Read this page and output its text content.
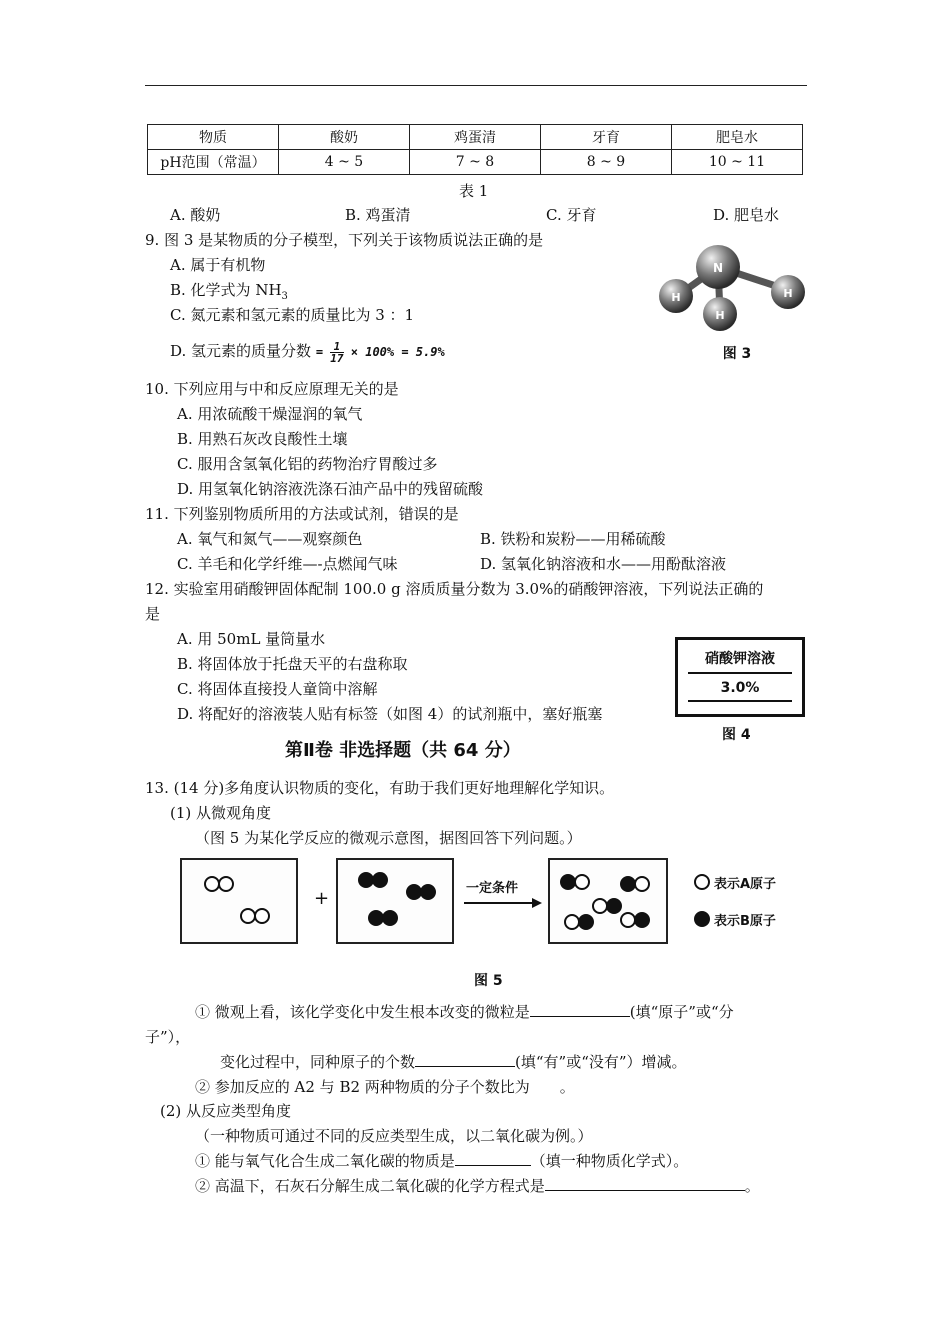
物质	酸奶	鸡蛋清	牙育	肥皂水
pH范围（常温）	4 ~ 5	7 ~ 8	8 ~ 9	10 ~ 11
表 1
A. 酸奶	B. 鸡蛋清	C. 牙育	D. 肥皂水
9. 图 3 是某物质的分子模型，下列关于该物质说法正确的是
A. 属于有机物
B. 化学式为 $NH_3$
C. 氮元素和氢元素的质量比为 3 ：1
D. 氢元素的质量分数 = $\frac{1}{17} \times 100\% = 5.9\%$
N
H	H
H
图 3
10. 下列应用与中和反应原理无关的是
A. 用浓硫酸干燥湿润的氧气
B. 用熟石灰改良酸性土壤
C. 服用含氢氧化铝的药物治疗胃酸过多
D. 用氢氧化钠溶液洗涤石油产品中的残留硫酸
11. 下列鉴别物质所用的方法或试剂，错误的是
A. 氧气和氮气——观察颜色	B. 铁粉和炭粉——用稀硫酸
C. 羊毛和化学纤维—-点燃闻气味	D. 氢氧化钠溶液和水——用酚酞溶液
12. 实验室用硝酸钾固体配制 100.0 g 溶质质量分数为 3.0%的硝酸钾溶液，下列说法正确的
是
A. 用 50mL 量筒量水
B. 将固体放于托盘天平的右盘称取
C. 将固体直接投人童筒中溶解
D. 将配好的溶液装人贴有标签（如图 4）的试剂瓶中，塞好瓶塞
硝酸钾溶液
3.0%
图 4
第Ⅱ卷 非选择题（共 64 分）
13. (14 分)多角度认识物质的变化，有助于我们更好地理解化学知识。
(1) 从微观角度
（图 5 为某化学反应的微观示意图，据图回答下列问题。）
+	一定条件	表示A原子
表示B原子
图 5
① 微观上看，该化学变化中发生根本改变的微粒是	(填“原子”或“分
子”），
变化过程中，同种原子的个数	(填“有”或“没有”）增减。
② 参加反应的 A2 与 B2 两种物质的分子个数比为 。
(2) 从反应类型角度
（一种物质可通过不同的反应类型生成，以二氧化碳为例。）
① 能与氧气化合生成二氧化碳的物质是	（填一种物质化学式）。
② 高温下，石灰石分解生成二氧化碳的化学方程式是	。
